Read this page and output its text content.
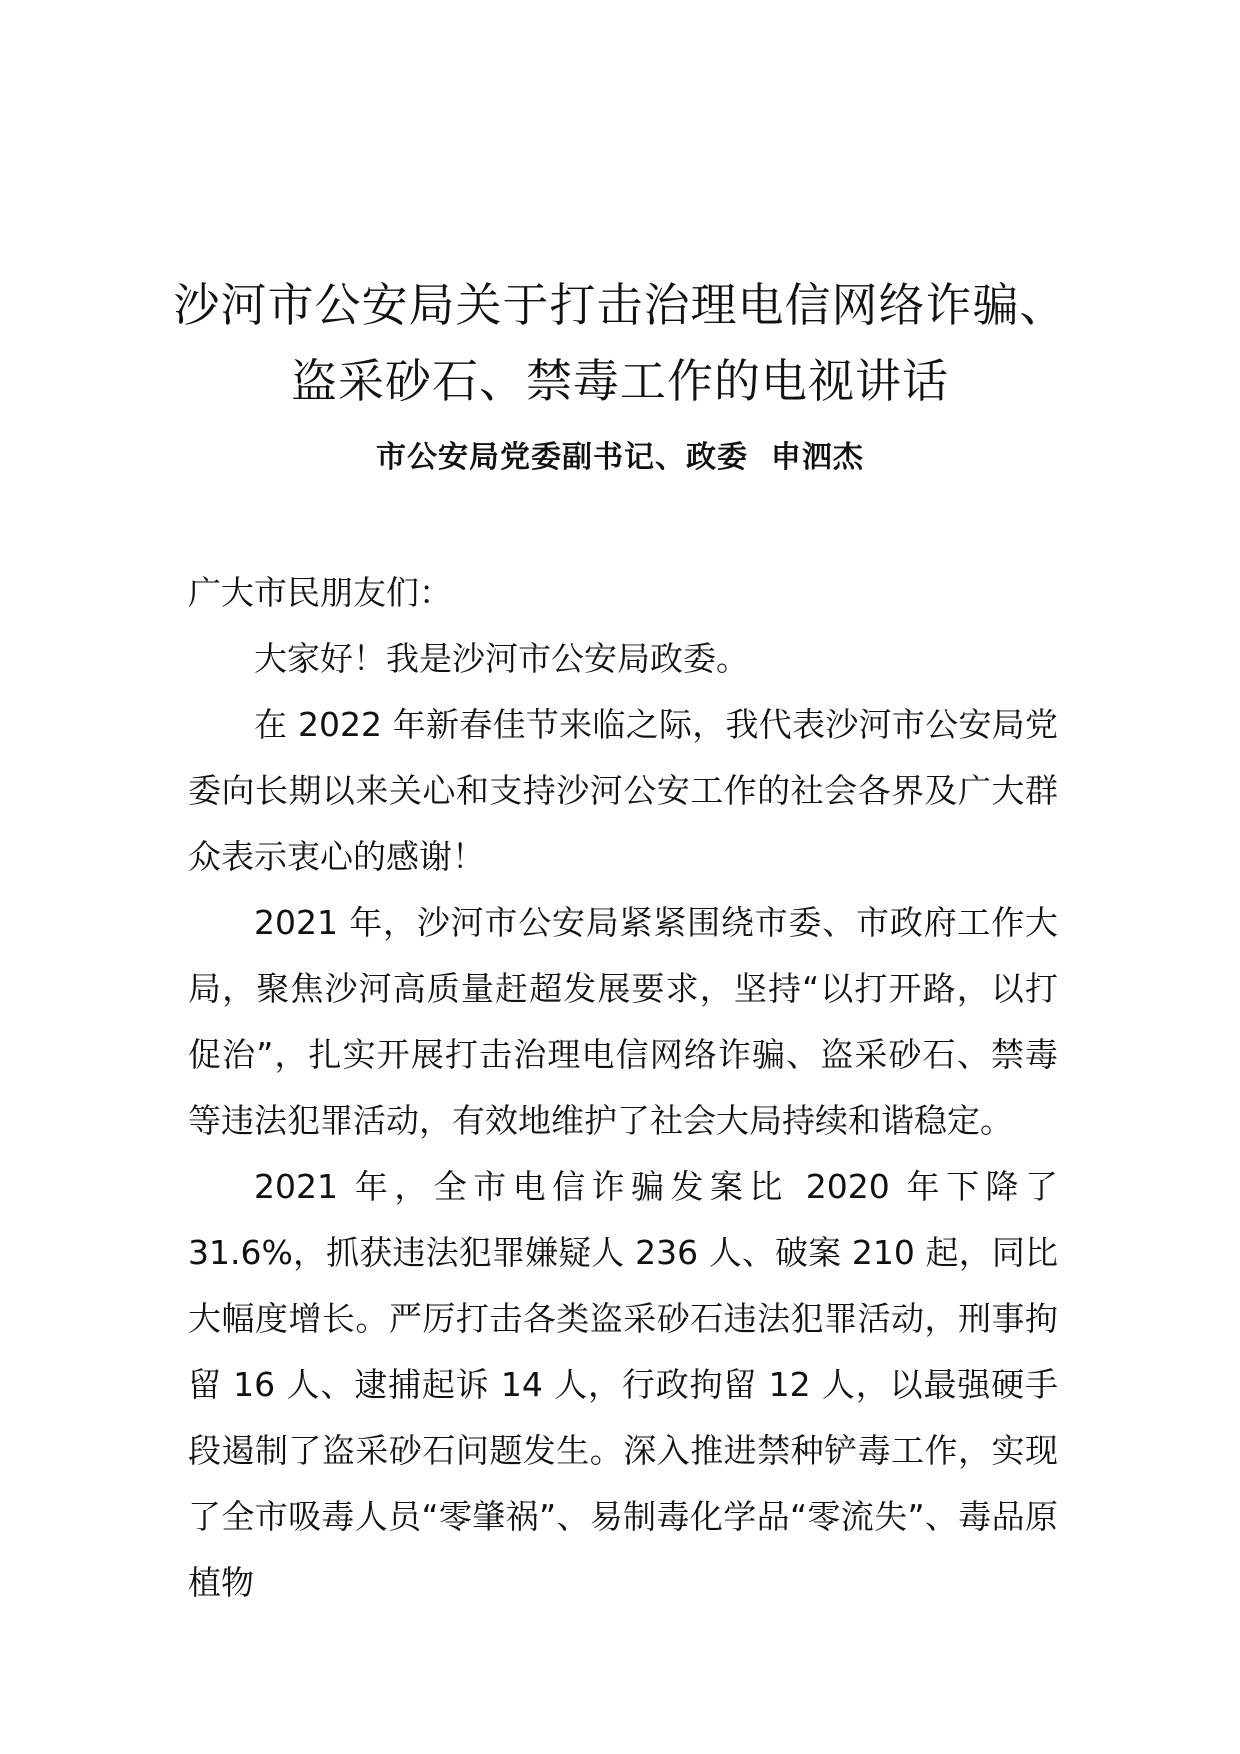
沙河市公安局关于打击治理电信网络诈骗、
盗采砂石、禁毒工作的电视讲话
市公安局党委副书记、政委  申泗杰

广大市民朋友们：

大家好！我是沙河市公安局政委。

在 2022 年新春佳节来临之际，我代表沙河市公安局党委向长期以来关心和支持沙河公安工作的社会各界及广大群众表示衷心的感谢！

2021 年，沙河市公安局紧紧围绕市委、市政府工作大局，聚焦沙河高质量赶超发展要求，坚持“以打开路，以打促治”，扎实开展打击治理电信网络诈骗、盗采砂石、禁毒等违法犯罪活动，有效地维护了社会大局持续和谐稳定。

2021 年，全市电信诈骗发案比 2020 年下降了 31.6%，抓获违法犯罪嫌疑人 236 人、破案 210 起，同比大幅度增长。严厉打击各类盗采砂石违法犯罪活动，刑事拘留 16 人、逮捕起诉 14 人，行政拘留 12 人，以最强硬手段遏制了盗采砂石问题发生。深入推进禁种铲毒工作，实现了全市吸毒人员“零肇祸”、易制毒化学品“零流失”、毒品原植物
